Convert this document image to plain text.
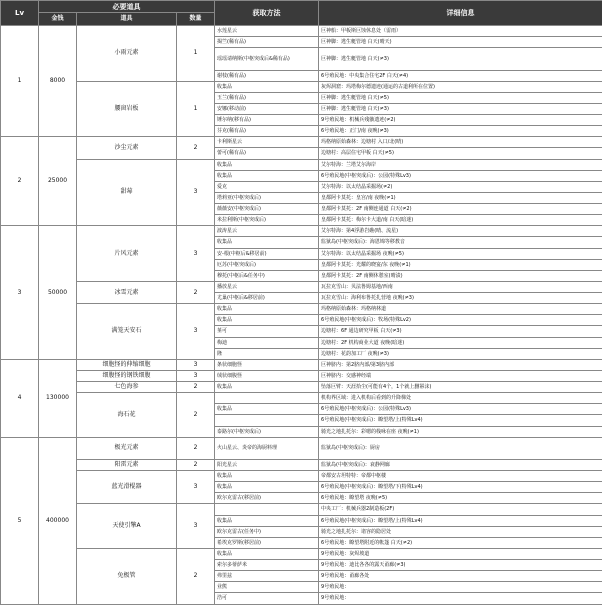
Lv	必要道具			获取方法	详细信息
	金钱	道具	数量		
1	8000	小雨元素	1	水莲星云	巨神船：甲板斯巨蚀休息处（雷雨）
				揭竺(稀有品)	巨神脚：逃生艇管地 白天(晴天)
				瑶瑶请纳斯(中枢突成后&稀有品)	巨神脚：逃生艇管地 白天(≠3)
				谢枝(稀有品)	6号殖民地：中央集合住宅2F 白天(≠4)
		腰窗岩板	1	收集品	灰烬洞窟：玛塔梅尔德遗迹(通运的古道利所在位置)
				玉兰(稀有品)	巨神脚：逃生艇管地 白天(≠5)
				安娜(移动前)	巨神脚：逃生艇管地 白天(≠3)
				锤尔纳(移有品)	9号殖民地：机械兵残骸遗迹(≠2)
				芬克(稀有品)	6号殖民地：正门/南 夜晚(≠3)
2	25000	沙尘元素	2	卡利斯星云	玛格纳原始森林：边塘村 入口/北(晴)
				蕾可(稀有品)	边塘村：高层住宅甲板 白天(≠5)
		甜莓	3	收集品	艾尔特海：兰塔艾尔海岸
				收集品	6号殖民地(中枢突成后)：公园(特殊Lv3)
				爱克	艾尔特海：以太结晶采掘场(≠2)
				塔莉亚(中枢突成后)	皇都阿卡莫托：皇宫/南 夜晚(≠1)
				薇薇安(中枢突成后)	皇都阿卡莫托：2F 南侧连通道 白天(≠2)
				米拉利斯(中枢突成后)	皇都阿卡莫托：梅尔卡大道/南 白天(暗迷)
3	50000	片风元素	3	波涛星云	艾尔特海：第4浮游岩礁(晴、流星)
				收集品	监狱岛(中枢突成后)：海恩锦等移教音
				安-根(中枢后&移居前)	艾尔特海：以太结晶采掘场 夜晚(≠5)
				厄苏(中枢突成后)	皇都阿卡莫托：光耀的晓宴/东 夜晚(≠1)
				穆托(中枢后&任务中)	皇都阿卡莫托：2F 南侧休憩室(晴渍)
		冰雪元素	2	播放星云	瓦拉克雪山：贝法鲁姆基地/西南
				尤巢(中枢后&移居前)	瓦拉克雪山：海利布鲁托扎营地 夜晚(≠3)
		满笼天安石	3	收集品	玛格纳原始森林：玛格纳林道
				收集品	6号殖民地(中枢突成后)：牧场(特殊Lv2)
				堇可	边塘村：6F 通边研究甲板 白天(≠3)
				梅迪	边塘村：2F 机构商业大道 夜晚(暗迷)
				隆	边塘村：花韵加工厂 夜晚(≠3)
4	130000	细胞怪的伸缩细胞	3	条状细胞怪	巨神脐内：第2脐内部/第3脐内部
		细腹怪的钢铁细腹	3	绒状细腹怪	巨神脐内：交感神经端
		七色海参	2	收集品	坠落巨臂：天涯拾尘(可能有4个，1个就上删幂沫)
		海石花	2		机构界区域：进入机构后看到的升降梯处
				收集品	6号殖民地(中枢突成后)：公园(特殊Lv3)
					6号殖民地(中枢突成后)：瞭望塔/上(特殊Lv4)
				泰路尔(中枢突成后)	骑光之地扎托尔：彩嗯的栈咏在座 夜晚(≠1)
5	400000	极光元素	2	火山星云、炎帝的海厨料理	监狱岛(中枢突成后)：厨房
		阳雷元素	2	阳光星云	监狱岛(中枢突成后)：衰静网廊
		蓝光滑棍器	3	收集品	帝都安古坦特特：帝都中枢楼
				收集品	6号殖民地(中枢突成后)：瞭望塔/下(特殊Lv4)
				欧尔克雷古(移居前)	6号殖民地：瞭望塔 夜晚(≠5)
		天使引擎A	3		中央工厂：机械兵器2制造板(2F)
				收集品	6号殖民地(中枢突成后)：瞭望塔/上(特殊Lv4)
				欧尔克雷古(任务中)	骑光之地扎托尔：诸容的隐居处
				希埃克罗斯(移居前)	6号殖民地：瞭望塔附近的帐篷 白天(≠2)
		免极管	2	收集品	9号殖民地：灰烬坡道
				索尔多蒂萨米	9号殖民地：迪比各各的露天甬廊(≠3)
				弗里兹	9号殖民地：甬廊各处
				业熊	9号殖民地：
				浩可	9号殖民地：
